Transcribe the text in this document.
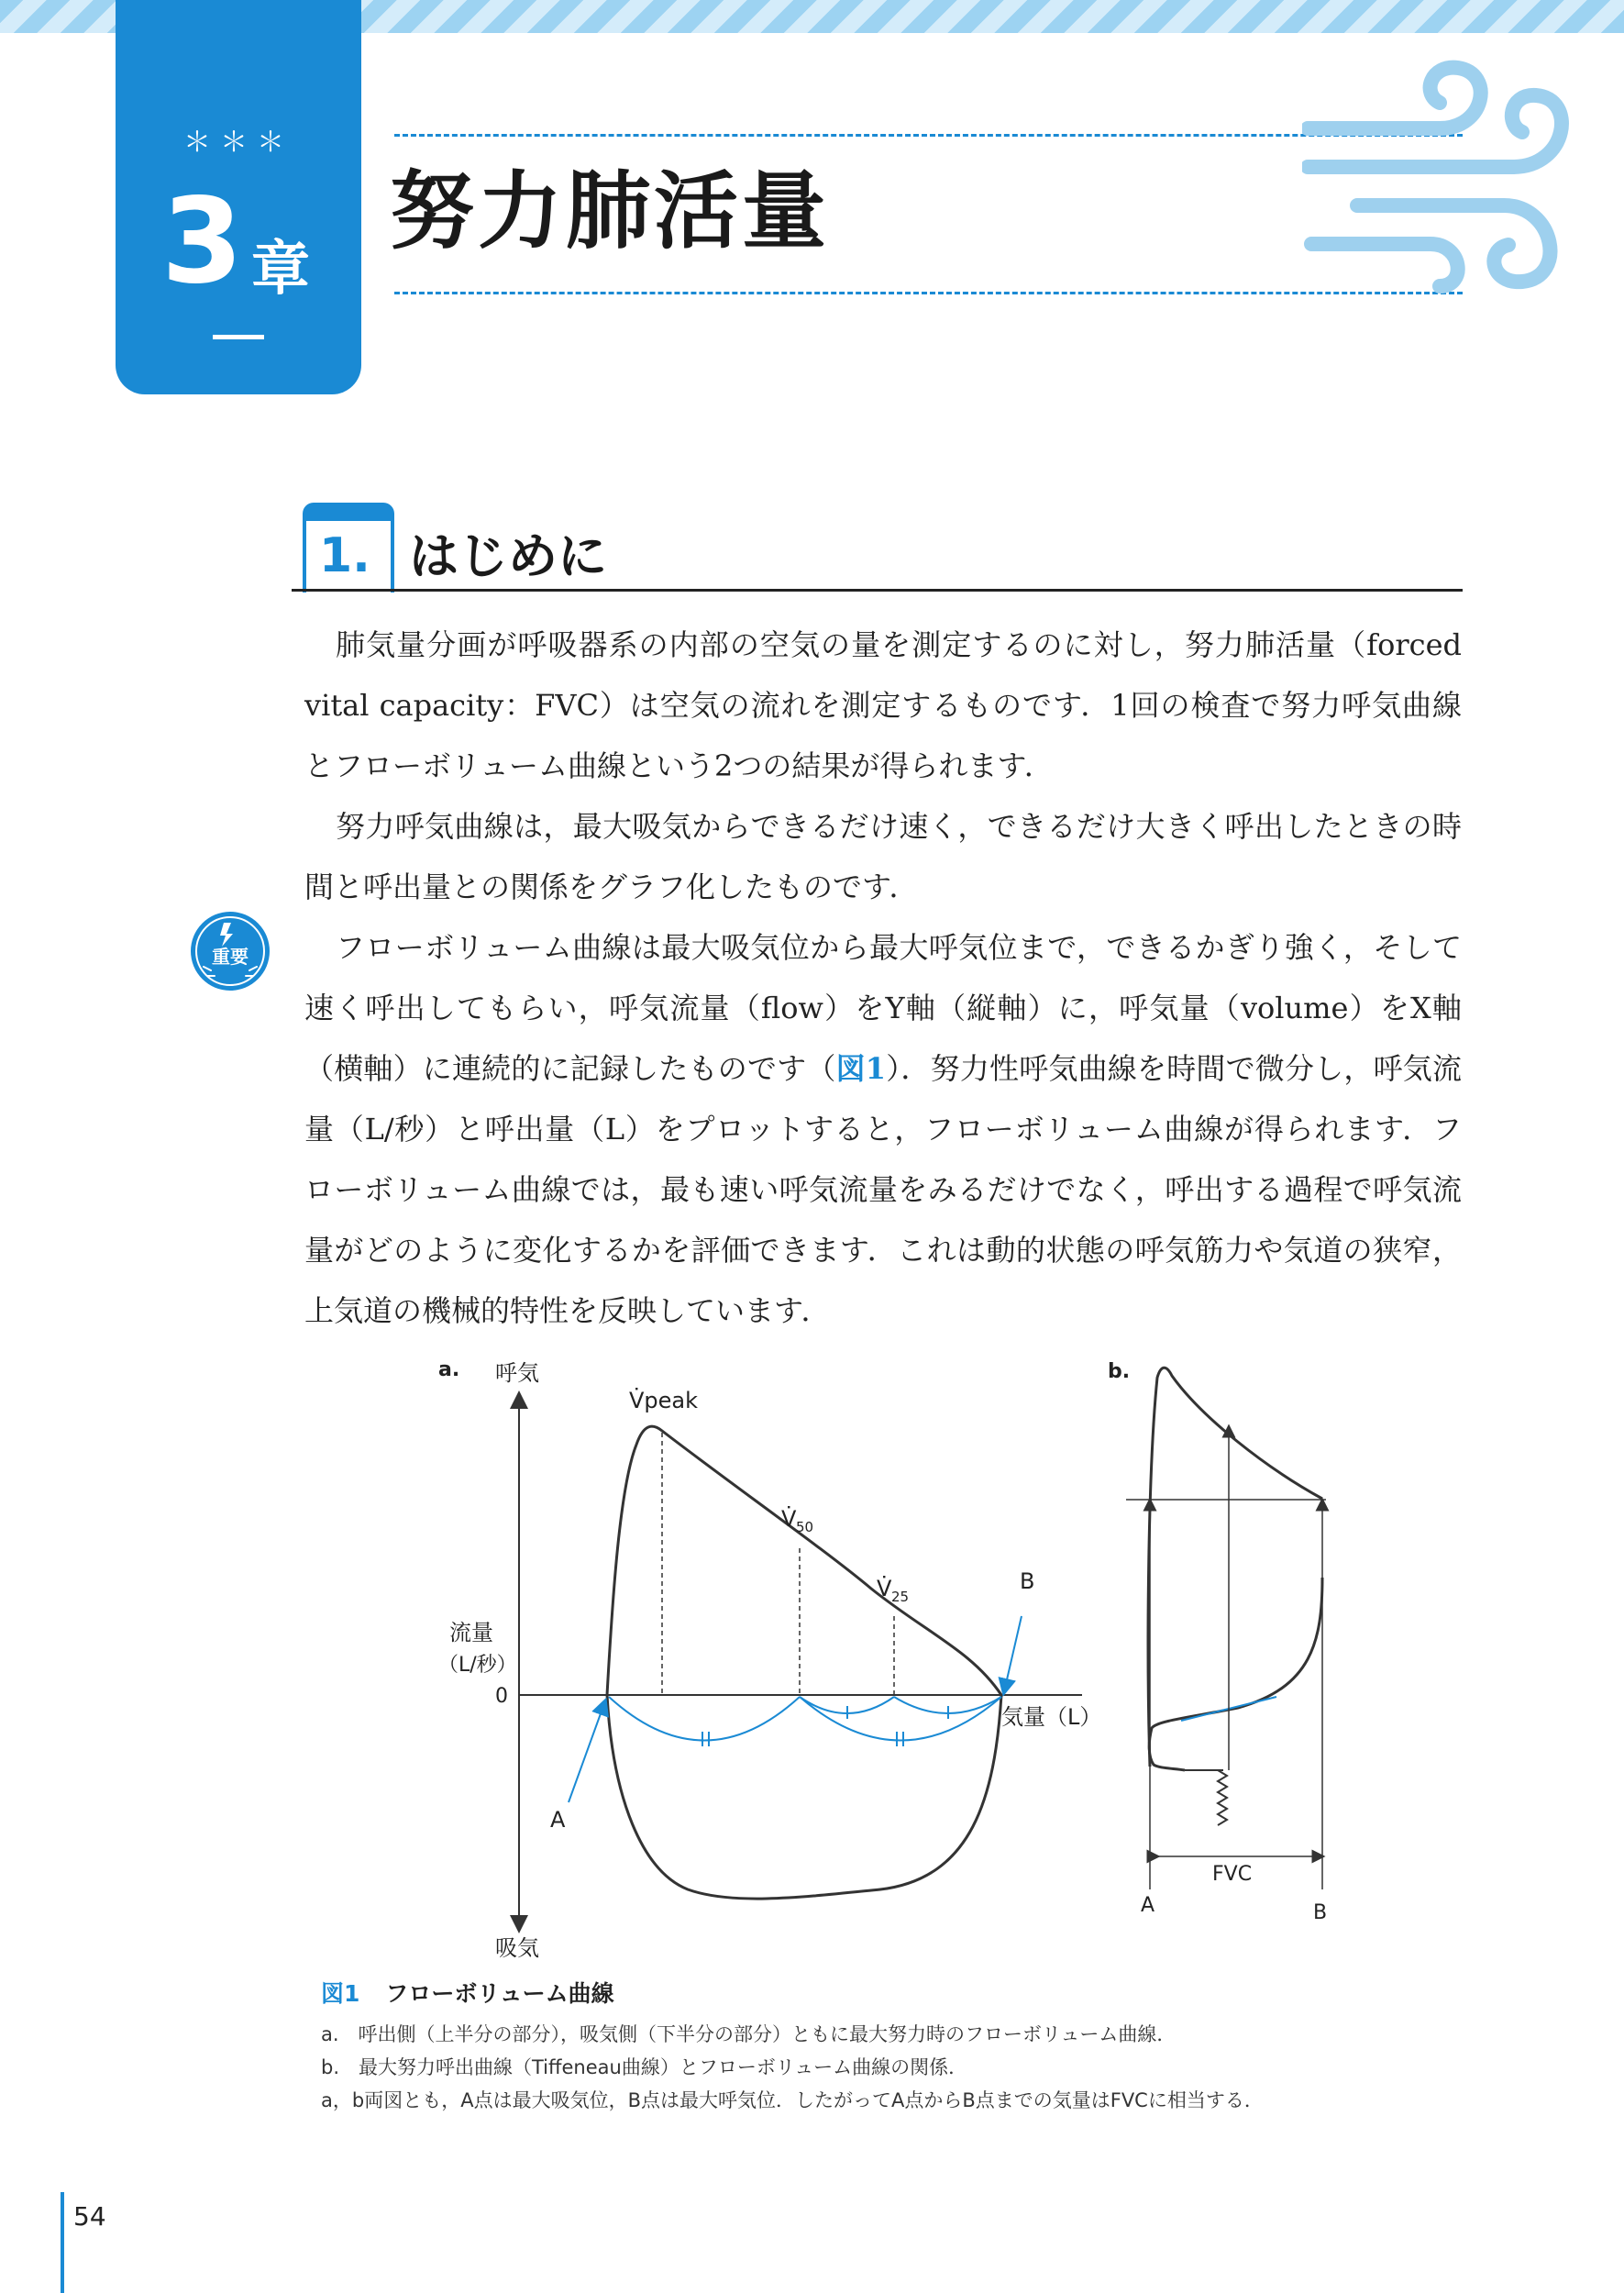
＊＊＊
3 章
努力肺活量
1. はじめに

肺気量分画が呼吸器系の内部の空気の量を測定するのに対し，努力肺活量（forced vital capacity：FVC）は空気の流れを測定するものです．1回の検査で努力呼気曲線とフローボリューム曲線という2つの結果が得られます．

努力呼気曲線は，最大吸気からできるだけ速く，できるだけ大きく呼出したときの時間と呼出量との関係をグラフ化したものです．

フローボリューム曲線は最大吸気位から最大呼気位まで，できるかぎり強く，そして速く呼出してもらい，呼気流量（flow）をY軸（縦軸）に，呼気量（volume）をX軸（横軸）に連続的に記録したものです（図1）．努力性呼気曲線を時間で微分し，呼気流量（L/秒）と呼出量（L）をプロットすると，フローボリューム曲線が得られます．フローボリューム曲線では，最も速い呼気流量をみるだけでなく，呼出する過程で呼気流量がどのように変化するかを評価できます．これは動的状態の呼気筋力や気道の狭窄，上気道の機械的特性を反映しています．

重要
a. 呼気
吸気
流量
（L/秒）
0
気量（L）
V̇peak
V̇ 50
V̇ 25
A
B
b.
FVC
A	B
図1 フローボリューム曲線
a.　呼出側（上半分の部分），吸気側（下半分の部分）ともに最大努力時のフローボリューム曲線．
b.　最大努力呼出曲線（Tiffeneau曲線）とフローボリューム曲線の関係．
a，b両図とも，A点は最大吸気位，B点は最大呼気位．したがってA点からB点までの気量はFVCに相当する．
54
